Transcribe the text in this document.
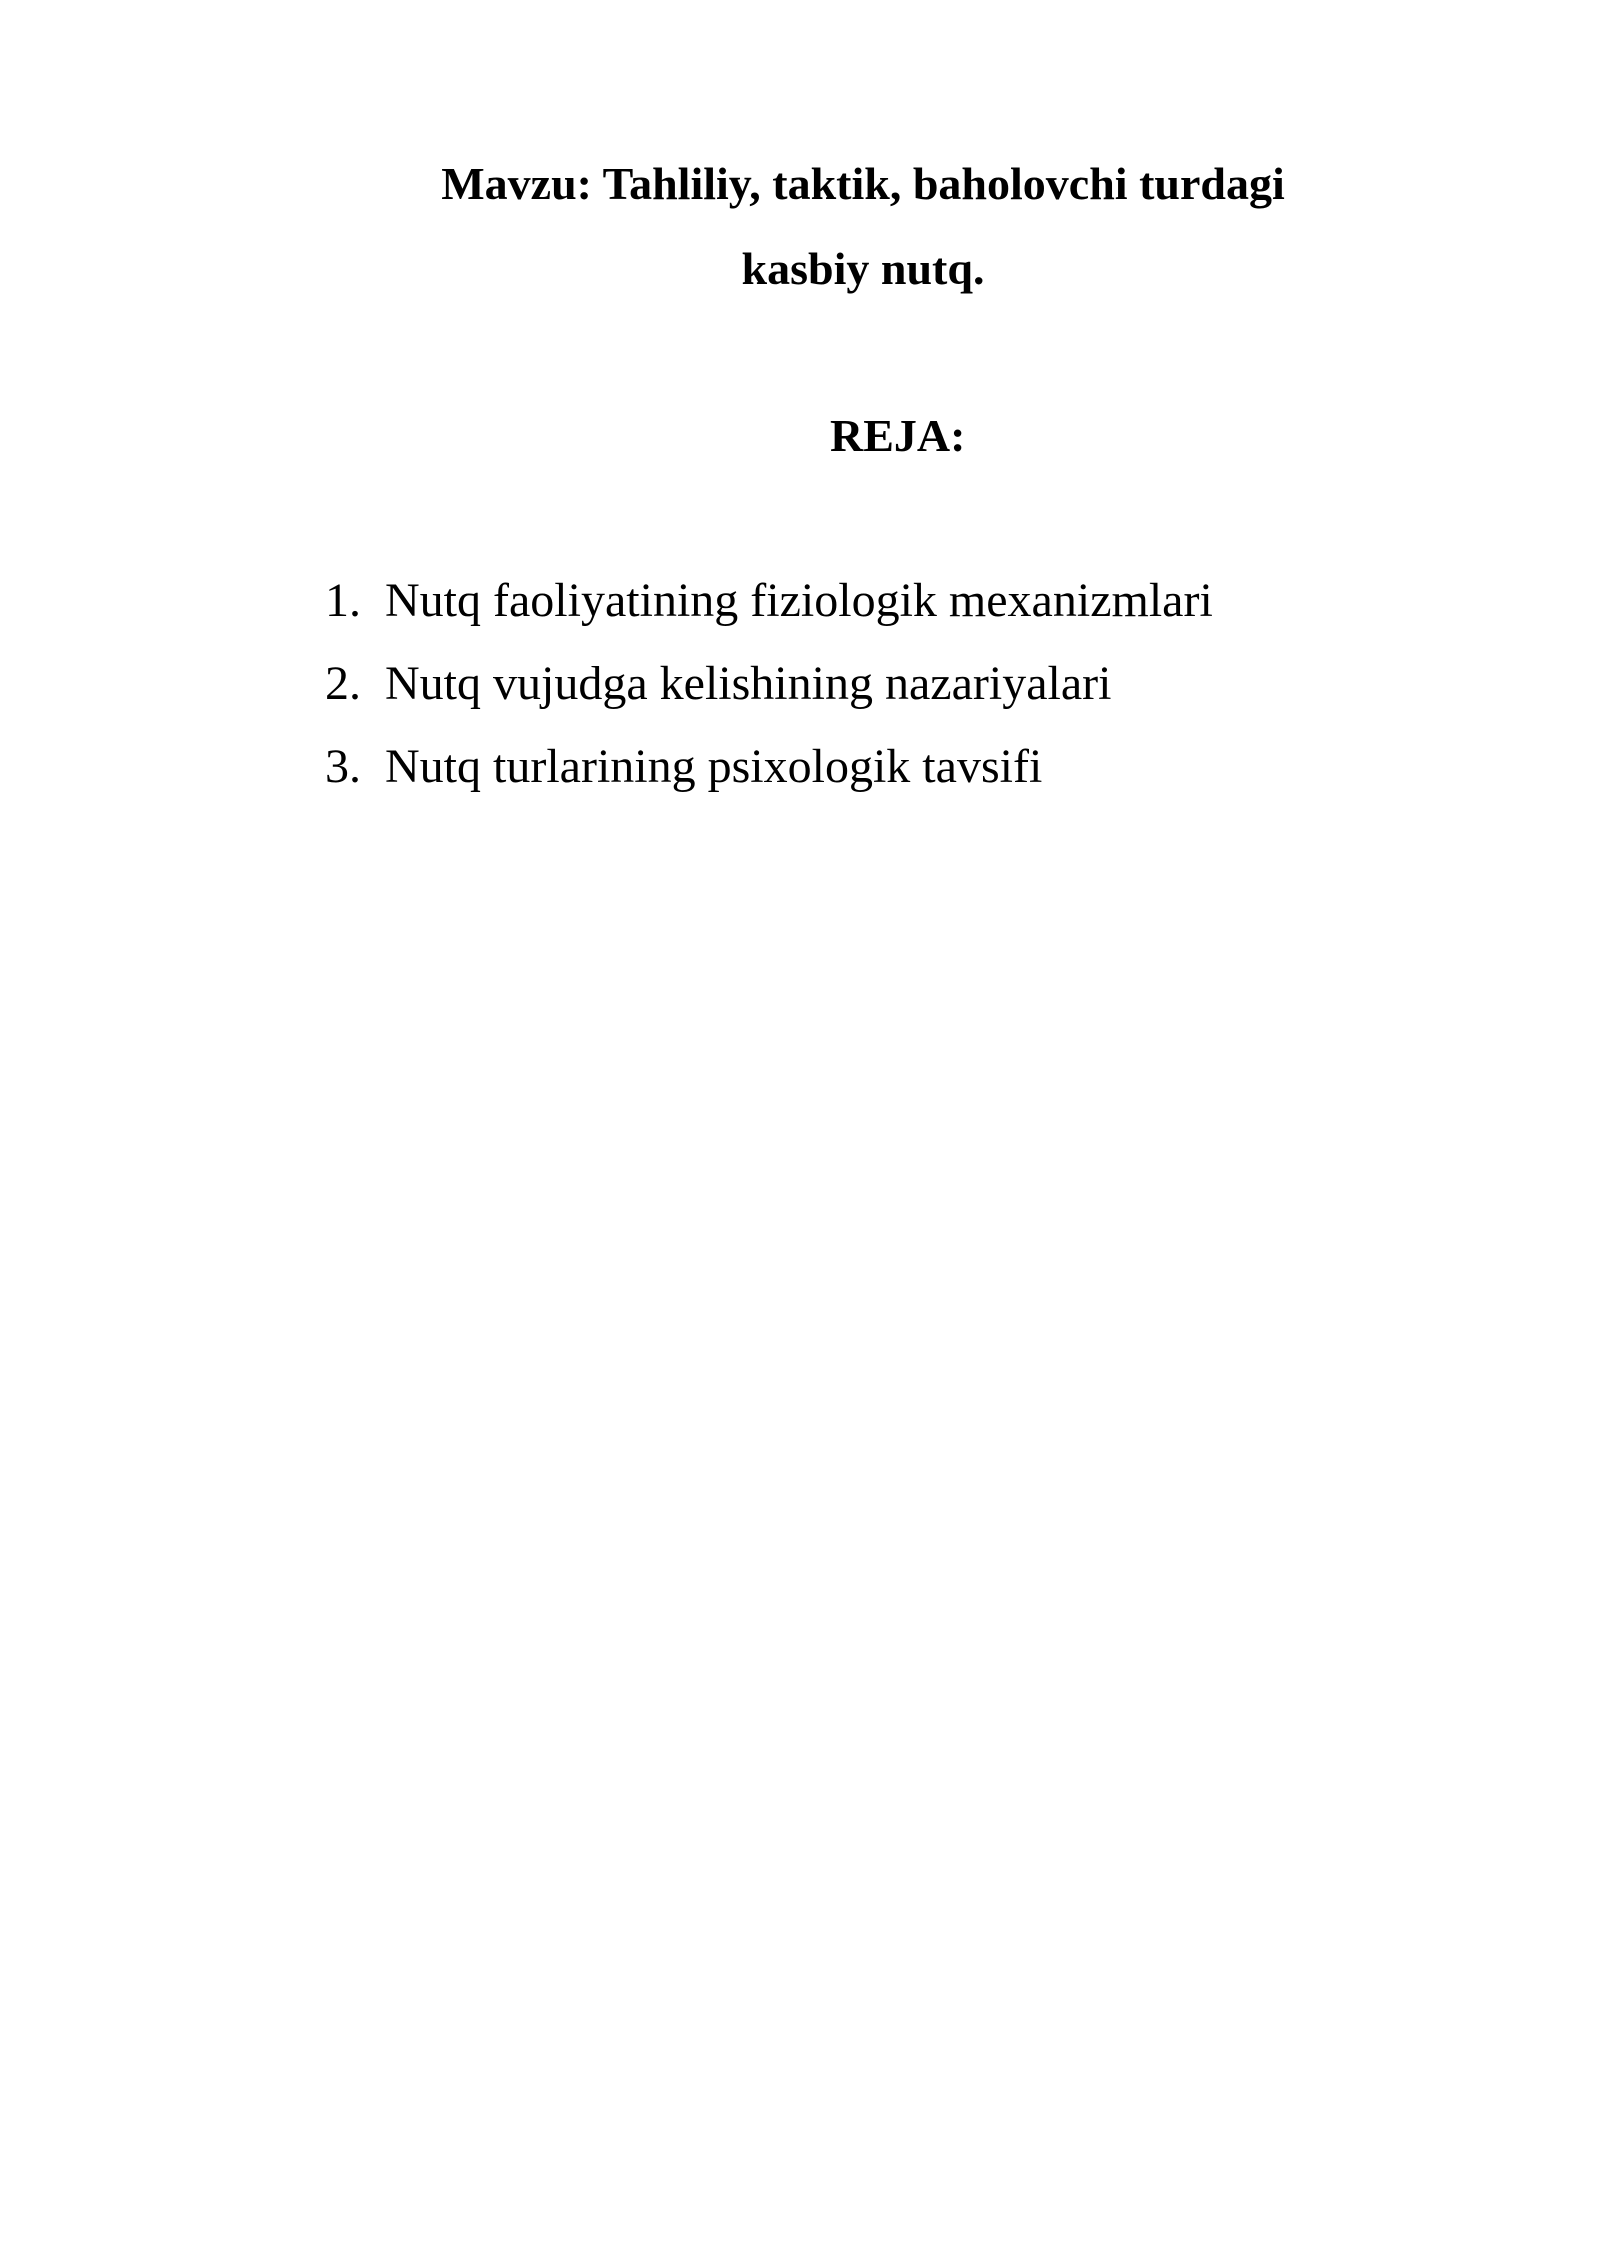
Mavzu: Tahliliy, taktik, baholovchi turdagi
kasbiy nutq.
REJA:
1.  Nutq faoliyatining fiziologik mexanizmlari
2.  Nutq vujudga kelishining nazariyalari
3.  Nutq turlarining psixologik tavsifi
